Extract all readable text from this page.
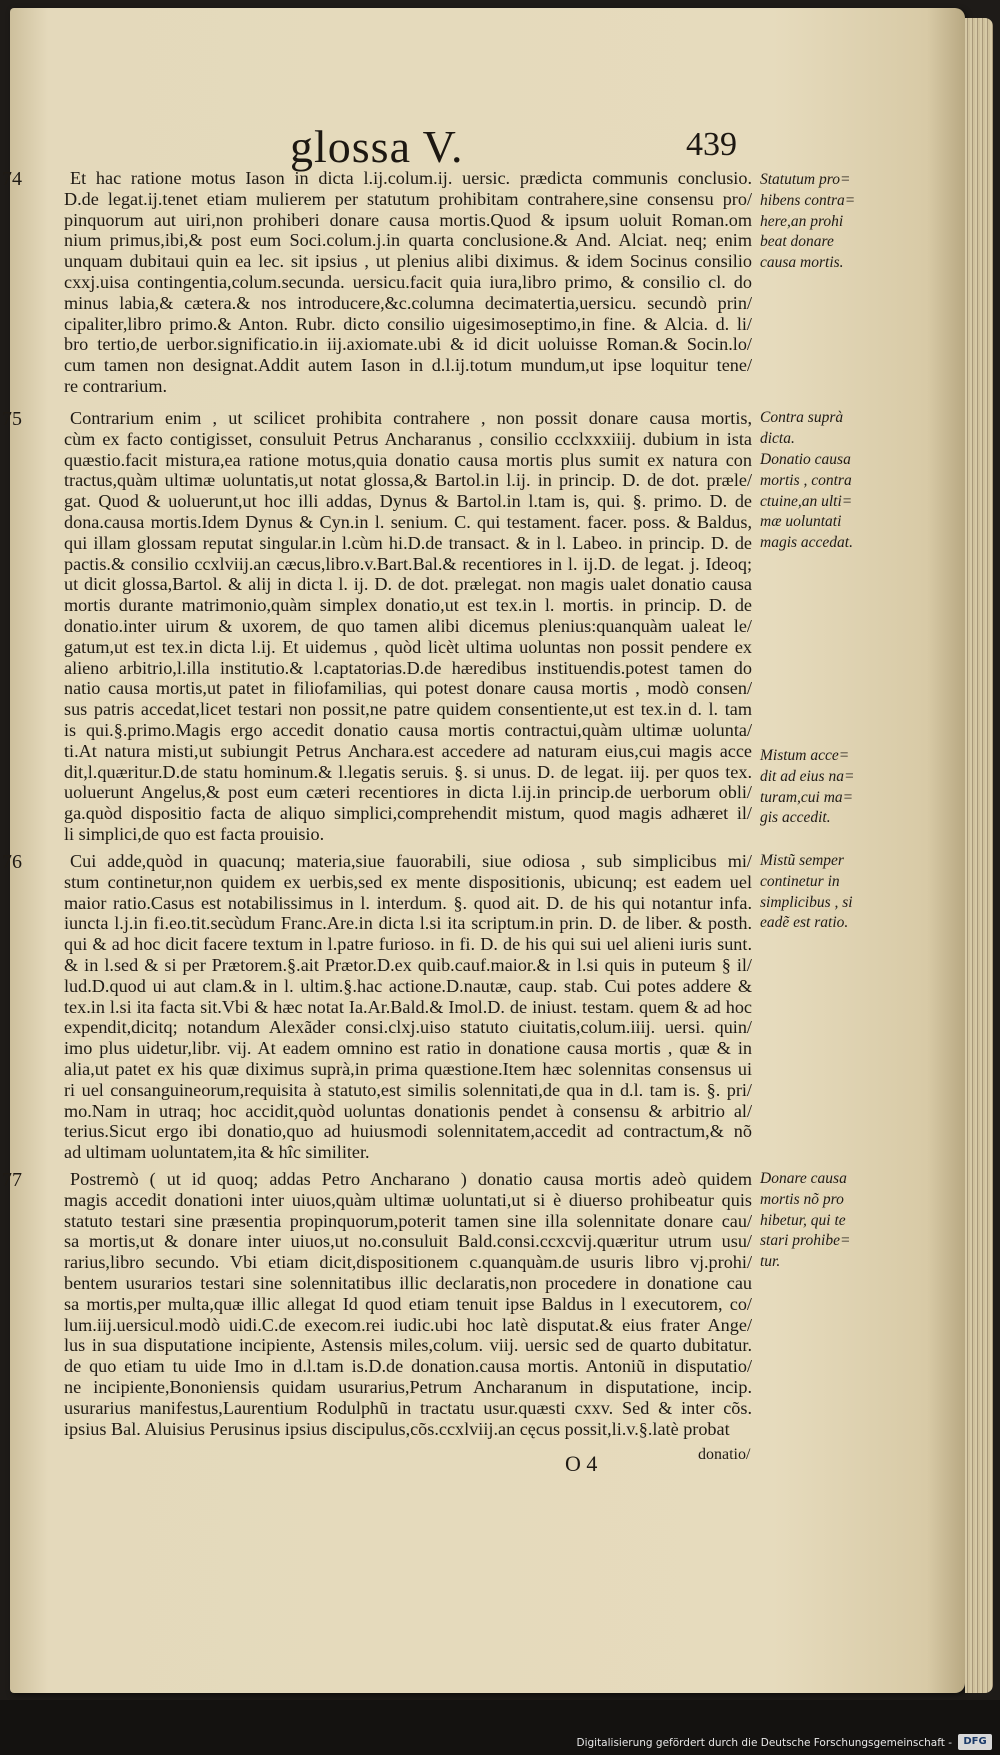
glossa V.	439
74	Et hac ratione motus Iason in dicta l.ij.colum.ij. uersic. prædicta communis conclusio.
D.de legat.ij.tenet etiam mulierem per statutum prohibitam contrahere,sine consensu pro/
pinquorum aut uiri,non prohiberi donare causa mortis.Quod & ipsum uoluit Roman.om
nium primus,ibi,& post eum Soci.colum.j.in quarta conclusione.& And. Alciat. neq; enim
unquam dubitaui quin ea lec. sit ipsius , ut plenius alibi diximus. & idem Socinus consilio
cxxj.uisa contingentia,colum.secunda. uersicu.facit quia iura,libro primo, & consilio cl. do
minus labia,& cætera.& nos introducere,&c.columna decimatertia,uersicu. secundò prin/
cipaliter,libro primo.& Anton. Rubr. dicto consilio uigesimoseptimo,in fine. & Alcia. d. li/
bro tertio,de uerbor.significatio.in iij.axiomate.ubi & id dicit uoluisse Roman.& Socin.lo/
cum tamen non designat.Addit autem Iason in d.l.ij.totum mundum,ut ipse loquitur tene/
re contrarium.
75	Contrarium enim , ut scilicet prohibita contrahere , non possit donare causa mortis,
cùm ex facto contigisset, consuluit Petrus Ancharanus , consilio ccclxxxiiij. dubium in ista
quæstio.facit mistura,ea ratione motus,quia donatio causa mortis plus sumit ex natura con
tractus,quàm ultimæ uoluntatis,ut notat glossa,& Bartol.in l.ij. in princip. D. de dot. præle/
gat. Quod & uoluerunt,ut hoc illi addas, Dynus & Bartol.in l.tam is, qui. §. primo. D. de
dona.causa mortis.Idem Dynus & Cyn.in l. senium. C. qui testament. facer. poss. & Baldus,
qui illam glossam reputat singular.in l.cùm hi.D.de transact. & in l. Labeo. in princip. D. de
pactis.& consilio ccxlviij.an cæcus,libro.v.Bart.Bal.& recentiores in l. ij.D. de legat. j. Ideoq;
ut dicit glossa,Bartol. & alij in dicta l. ij. D. de dot. prælegat. non magis ualet donatio causa
mortis durante matrimonio,quàm simplex donatio,ut est tex.in l. mortis. in princip. D. de
donatio.inter uirum & uxorem, de quo tamen alibi dicemus plenius:quanquàm ualeat le/
gatum,ut est tex.in dicta l.ij. Et uidemus , quòd licèt ultima uoluntas non possit pendere ex
alieno arbitrio,l.illa institutio.& l.captatorias.D.de hæredibus instituendis.potest tamen do
natio causa mortis,ut patet in filiofamilias, qui potest donare causa mortis , modò consen/
sus patris accedat,licet testari non possit,ne patre quidem consentiente,ut est tex.in d. l. tam
is qui.§.primo.Magis ergo accedit donatio causa mortis contractui,quàm ultimæ uolunta/
ti.At natura misti,ut subiungit Petrus Anchara.est accedere ad naturam eius,cui magis acce
dit,l.quæritur.D.de statu hominum.& l.legatis seruis. §. si unus. D. de legat. iij. per quos tex.
uoluerunt Angelus,& post eum cæteri recentiores in dicta l.ij.in princip.de uerborum obli/
ga.quòd dispositio facta de aliquo simplici,comprehendit mistum, quod magis adhæret il/
li simplici,de quo est facta prouisio.
76	Cui adde,quòd in quacunq; materia,siue fauorabili, siue odiosa , sub simplicibus mi/
stum continetur,non quidem ex uerbis,sed ex mente dispositionis, ubicunq; est eadem uel
maior ratio.Casus est notabilissimus in l. interdum. §. quod ait. D. de his qui notantur infa.
iuncta l.j.in fi.eo.tit.secùdum Franc.Are.in dicta l.si ita scriptum.in prin. D. de liber. & posth.
qui & ad hoc dicit facere textum in l.patre furioso. in fi. D. de his qui sui uel alieni iuris sunt.
& in l.sed & si per Prætorem.§.ait Prætor.D.ex quib.cauf.maior.& in l.si quis in puteum § il/
lud.D.quod ui aut clam.& in l. ultim.§.hac actione.D.nautæ, caup. stab. Cui potes addere &
tex.in l.si ita facta sit.Vbi & hæc notat Ia.Ar.Bald.& Imol.D. de iniust. testam. quem & ad hoc
expendit,dicitq; notandum Alexãder consi.clxj.uiso statuto ciuitatis,colum.iiij. uersi. quin/
imo plus uidetur,libr. vij. At eadem omnino est ratio in donatione causa mortis , quæ & in
alia,ut patet ex his quæ diximus suprà,in prima quæstione.Item hæc solennitas consensus ui
ri uel consanguineorum,requisita à statuto,est similis solennitati,de qua in d.l. tam is. §. pri/
mo.Nam in utraq; hoc accidit,quòd uoluntas donationis pendet à consensu & arbitrio al/
terius.Sicut ergo ibi donatio,quo ad huiusmodi solennitatem,accedit ad contractum,& nõ
ad ultimam uoluntatem,ita & hîc similiter.
77	Postremò ( ut id quoq; addas Petro Ancharano ) donatio causa mortis adeò quidem
magis accedit donationi inter uiuos,quàm ultimæ uoluntati,ut si è diuerso prohibeatur quis
statuto testari sine præsentia propinquorum,poterit tamen sine illa solennitate donare cau/
sa mortis,ut & donare inter uiuos,ut no.consuluit Bald.consi.ccxcvij.quæritur utrum usu/
rarius,libro secundo. Vbi etiam dicit,dispositionem c.quanquàm.de usuris libro vj.prohi/
bentem usurarios testari sine solennitatibus illic declaratis,non procedere in donatione cau
sa mortis,per multa,quæ illic allegat Id quod etiam tenuit ipse Baldus in l executorem, co/
lum.iij.uersicul.modò uidi.C.de execom.rei iudic.ubi hoc latè disputat.& eius frater Ange/
lus in sua disputatione incipiente, Astensis miles,colum. viij. uersic sed de quarto dubitatur.
de quo etiam tu uide Imo in d.l.tam is.D.de donation.causa mortis. Antoniũ in disputatio/
ne incipiente,Bononiensis quidam usurarius,Petrum Ancharanum in disputatione, incip.
usurarius manifestus,Laurentium Rodulphũ in tractatu usur.quæsti cxxv. Sed & inter cõs.
ipsius Bal. Aluisius Perusinus ipsius discipulus,cõs.ccxlviij.an cęcus possit,li.v.§.latè probat
Statutum pro=
hibens contra=
here,an prohi
beat donare
causa mortis.
Contra suprà
dicta.
Donatio causa
mortis , contra
ctuine,an ulti=
mæ uoluntati
magis accedat.
Mistum acce=
dit ad eius na=
turam,cui ma=
gis accedit.
Mistũ semper
continetur in
simplicibus , si
eadẽ est ratio.
Donare causa
mortis nõ pro
hibetur, qui te
stari prohibe=
tur.
O 4	donatio/
Digitalisierung gefördert durch die Deutsche Forschungsgemeinschaft -	DFG
